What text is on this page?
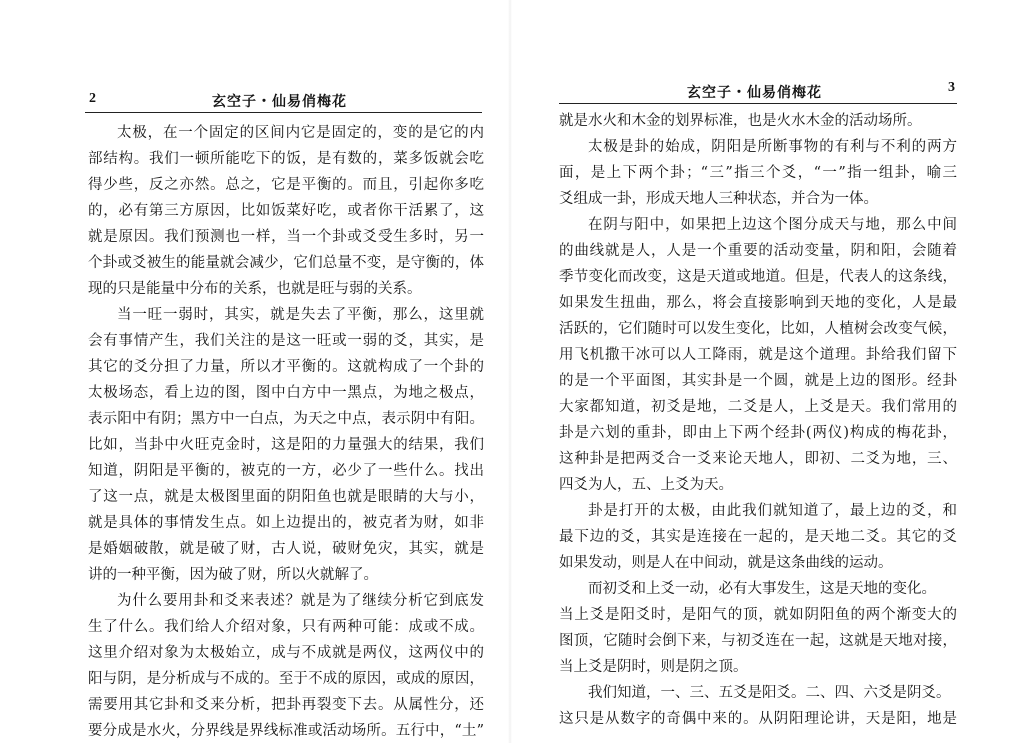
2	玄空子・仙易俏梅花
太极，在一个固定的区间内它是固定的，变的是它的内
部结构。我们一顿所能吃下的饭，是有数的，菜多饭就会吃
得少些，反之亦然。总之，它是平衡的。而且，引起你多吃
的，必有第三方原因，比如饭菜好吃，或者你干活累了，这
就是原因。我们预测也一样，当一个卦或爻受生多时，另一
个卦或爻被生的能量就会减少，它们总量不变，是守衡的，体
现的只是能量中分布的关系，也就是旺与弱的关系。
当一旺一弱时，其实，就是失去了平衡，那么，这里就
会有事情产生，我们关注的是这一旺或一弱的爻，其实，是
其它的爻分担了力量，所以才平衡的。这就构成了一个卦的
太极场态，看上边的图，图中白方中一黑点，为地之极点，
表示阳中有阴；黑方中一白点，为天之中点，表示阴中有阳。
比如，当卦中火旺克金时，这是阳的力量强大的结果，我们
知道，阴阳是平衡的，被克的一方，必少了一些什么。找出
了这一点，就是太极图里面的阴阳鱼也就是眼睛的大与小，
就是具体的事情发生点。如上边提出的，被克者为财，如非
是婚姻破散，就是破了财，古人说，破财免灾，其实，就是
讲的一种平衡，因为破了财，所以火就解了。
为什么要用卦和爻来表述？就是为了继续分析它到底发
生了什么。我们给人介绍对象，只有两种可能：成或不成。
这里介绍对象为太极始立，成与不成就是两仪，这两仪中的
阳与阴，是分析成与不成的。至于不成的原因，或成的原因，
需要用其它卦和爻来分析，把卦再裂变下去。从属性分，还
要分成是水火，分界线是界线标准或活动场所。五行中，“土”
玄空子・仙易俏梅花	3
就是水火和木金的划界标准，也是火水木金的活动场所。
太极是卦的始成，阴阳是所断事物的有利与不利的两方
面，是上下两个卦；“三”指三个爻，“一”指一组卦，喻三
爻组成一卦，形成天地人三种状态，并合为一体。
在阴与阳中，如果把上边这个图分成天与地，那么中间
的曲线就是人，人是一个重要的活动变量，阴和阳，会随着
季节变化而改变，这是天道或地道。但是，代表人的这条线，
如果发生扭曲，那么，将会直接影响到天地的变化，人是最
活跃的，它们随时可以发生变化，比如，人植树会改变气候，
用飞机撒干冰可以人工降雨，就是这个道理。卦给我们留下
的是一个平面图，其实卦是一个圆，就是上边的图形。经卦
大家都知道，初爻是地，二爻是人，上爻是天。我们常用的
卦是六划的重卦，即由上下两个经卦(两仪)构成的梅花卦，
这种卦是把两爻合一爻来论天地人，即初、二爻为地，三、
四爻为人，五、上爻为天。
卦是打开的太极，由此我们就知道了，最上边的爻，和
最下边的爻，其实是连接在一起的，是天地二爻。其它的爻
如果发动，则是人在中间动，就是这条曲线的运动。
而初爻和上爻一动，必有大事发生，这是天地的变化。
当上爻是阳爻时，是阳气的顶，就如阴阳鱼的两个渐变大的
图顶，它随时会倒下来，与初爻连在一起，这就是天地对接，
当上爻是阴时，则是阴之顶。
我们知道，一、三、五爻是阳爻。二、四、六爻是阴爻。
这只是从数字的奇偶中来的。从阴阳理论讲，天是阳，地是
